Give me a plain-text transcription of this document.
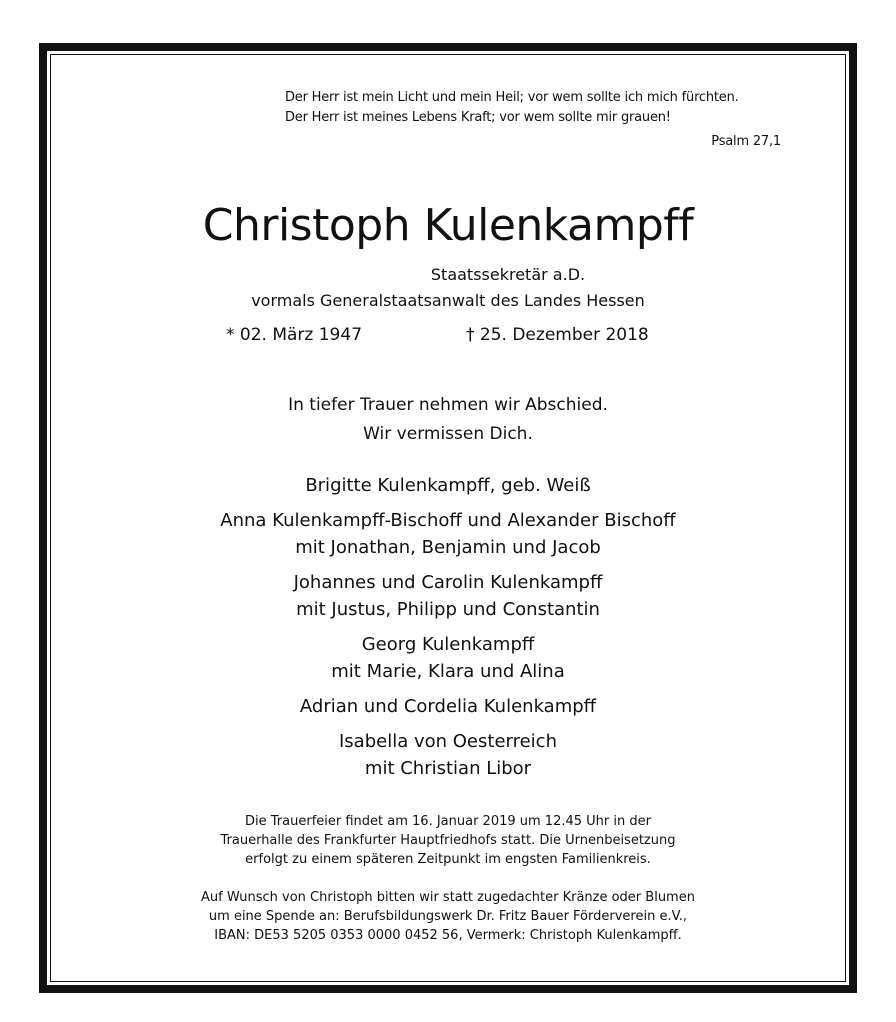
Der Herr ist mein Licht und mein Heil; vor wem sollte ich mich fürchten.
Der Herr ist meines Lebens Kraft; vor wem sollte mir grauen!
Psalm 27,1
Christoph Kulenkampff
Staatssekretär a.D.
vormals Generalstaatsanwalt des Landes Hessen
* 02. März 1947	† 25. Dezember 2018
In tiefer Trauer nehmen wir Abschied.
Wir vermissen Dich.
Brigitte Kulenkampff, geb. Weiß
Anna Kulenkampff-Bischoff und Alexander Bischoff
mit Jonathan, Benjamin und Jacob
Johannes und Carolin Kulenkampff
mit Justus, Philipp und Constantin
Georg Kulenkampff
mit Marie, Klara und Alina
Adrian und Cordelia Kulenkampff
Isabella von Oesterreich
mit Christian Libor
Die Trauerfeier findet am 16. Januar 2019 um 12.45 Uhr in der
Trauerhalle des Frankfurter Hauptfriedhofs statt. Die Urnenbeisetzung
erfolgt zu einem späteren Zeitpunkt im engsten Familienkreis.
Auf Wunsch von Christoph bitten wir statt zugedachter Kränze oder Blumen
um eine Spende an: Berufsbildungswerk Dr. Fritz Bauer Förderverein e.V.,
IBAN: DE53 5205 0353 0000 0452 56, Vermerk: Christoph Kulenkampff.
